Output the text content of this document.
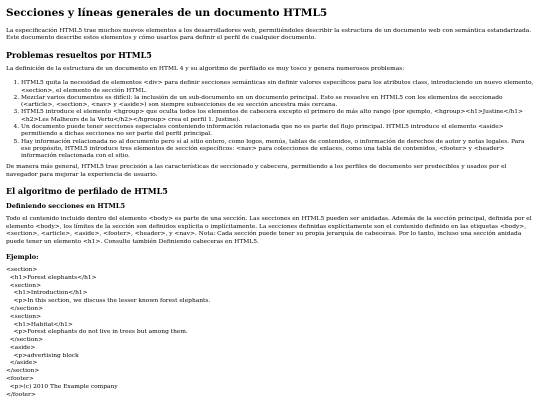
Secciones y líneas generales de un documento HTML5

La especificación HTML5 trae muchos nuevos elementos a los desarrolladores web, permitiéndoles describir la estructura de un documento web con semántica estandarizada. Este documento describe estos elementos y cómo usarlos para definir el perfil de cualquier documento.

Problemas resueltos por HTML5

La definición de la estructura de un documento en HTML 4 y su algoritmo de perfilado es muy tosco y genera numerosos problemas:

1. HTML5 quita la necesidad de elementos <div> para definir secciones semánticas sin definir valores específicos para los atributos class, introduciendo un nuevo elemento, <section>, el elemento de sección HTML.
2. Mezclar varios documentos es difícil: la inclusión de un sub-documento en un documento principal. Esto se resuelve en HTML5 con los elementos de seccionado (<article>, <section>, <nav> y <aside>) son siempre subsecciones de su sección ancestra más cercana.
3. HTML5 introduce el elemento <hgroup> que oculta todos los elementos de cabecera excepto el primero de más alto rango (por ejemplo, <hgroup><h1>Justine</h1><h2>Les Malheurs de la Vertu</h2></hgroup> crea el perfil 1. Justine).
4. Un documento puede tener secciones especiales conteniendo información relacionada que no es parte del flujo principal. HTML5 introduce el elemento <aside> permitiendo a dichas secciones no ser parte del perfil principal.
5. Hay información relacionada no al documento pero sí al sitio entero, como logos, menús, tablas de contenidos, o información de derechos de autor y notas legales. Para ese propósito, HTML5 introduce tres elementos de sección específicos: <nav> para colecciones de enlaces, como una tabla de contenidos, <footer> y <header> información relacionada con el sitio.

De manera más general, HTML5 trae precisión a las características de seccionado y cabecera, permitiendo a los perfiles de documento ser predecibles y usados por el navegador para mejorar la experiencia de usuario.

El algoritmo de perfilado de HTML5
Definiendo secciones en HTML5

Todo el contenido incluido dentro del elemento <body> es parte de una sección. Las secciones en HTML5 pueden ser anidadas. Además de la sección principal, definida por el elemento <body>, los límites de la sección son definidos explícita o implícitamente. La secciones definidas explícitamente son el contenido definido en las etiquetas <body>, <section>, <article>, <aside>, <footer>, <header>, y <nav>. Nota: Cada sección puede tener su propia jerarquía de cabeceras. Por lo tanto, incluso una sección anidada puede tener un elemento <h1>. Consulte también Definiendo cabeceras en HTML5.

Ejemplo:
<section>
<h1>Forest elephants</h1>
<section>
<h1>Introduction</h1>
<p>In this section, we discuss the lesser known forest elephants.
</section>
<section>
<h1>Habitat</h1>
<p>Forest elephants do not live in trees but among them.
</section>
<aside>
<p>advertising block
</aside>
</section>
<footer>
<p>(c) 2010 The Example company
</footer>
